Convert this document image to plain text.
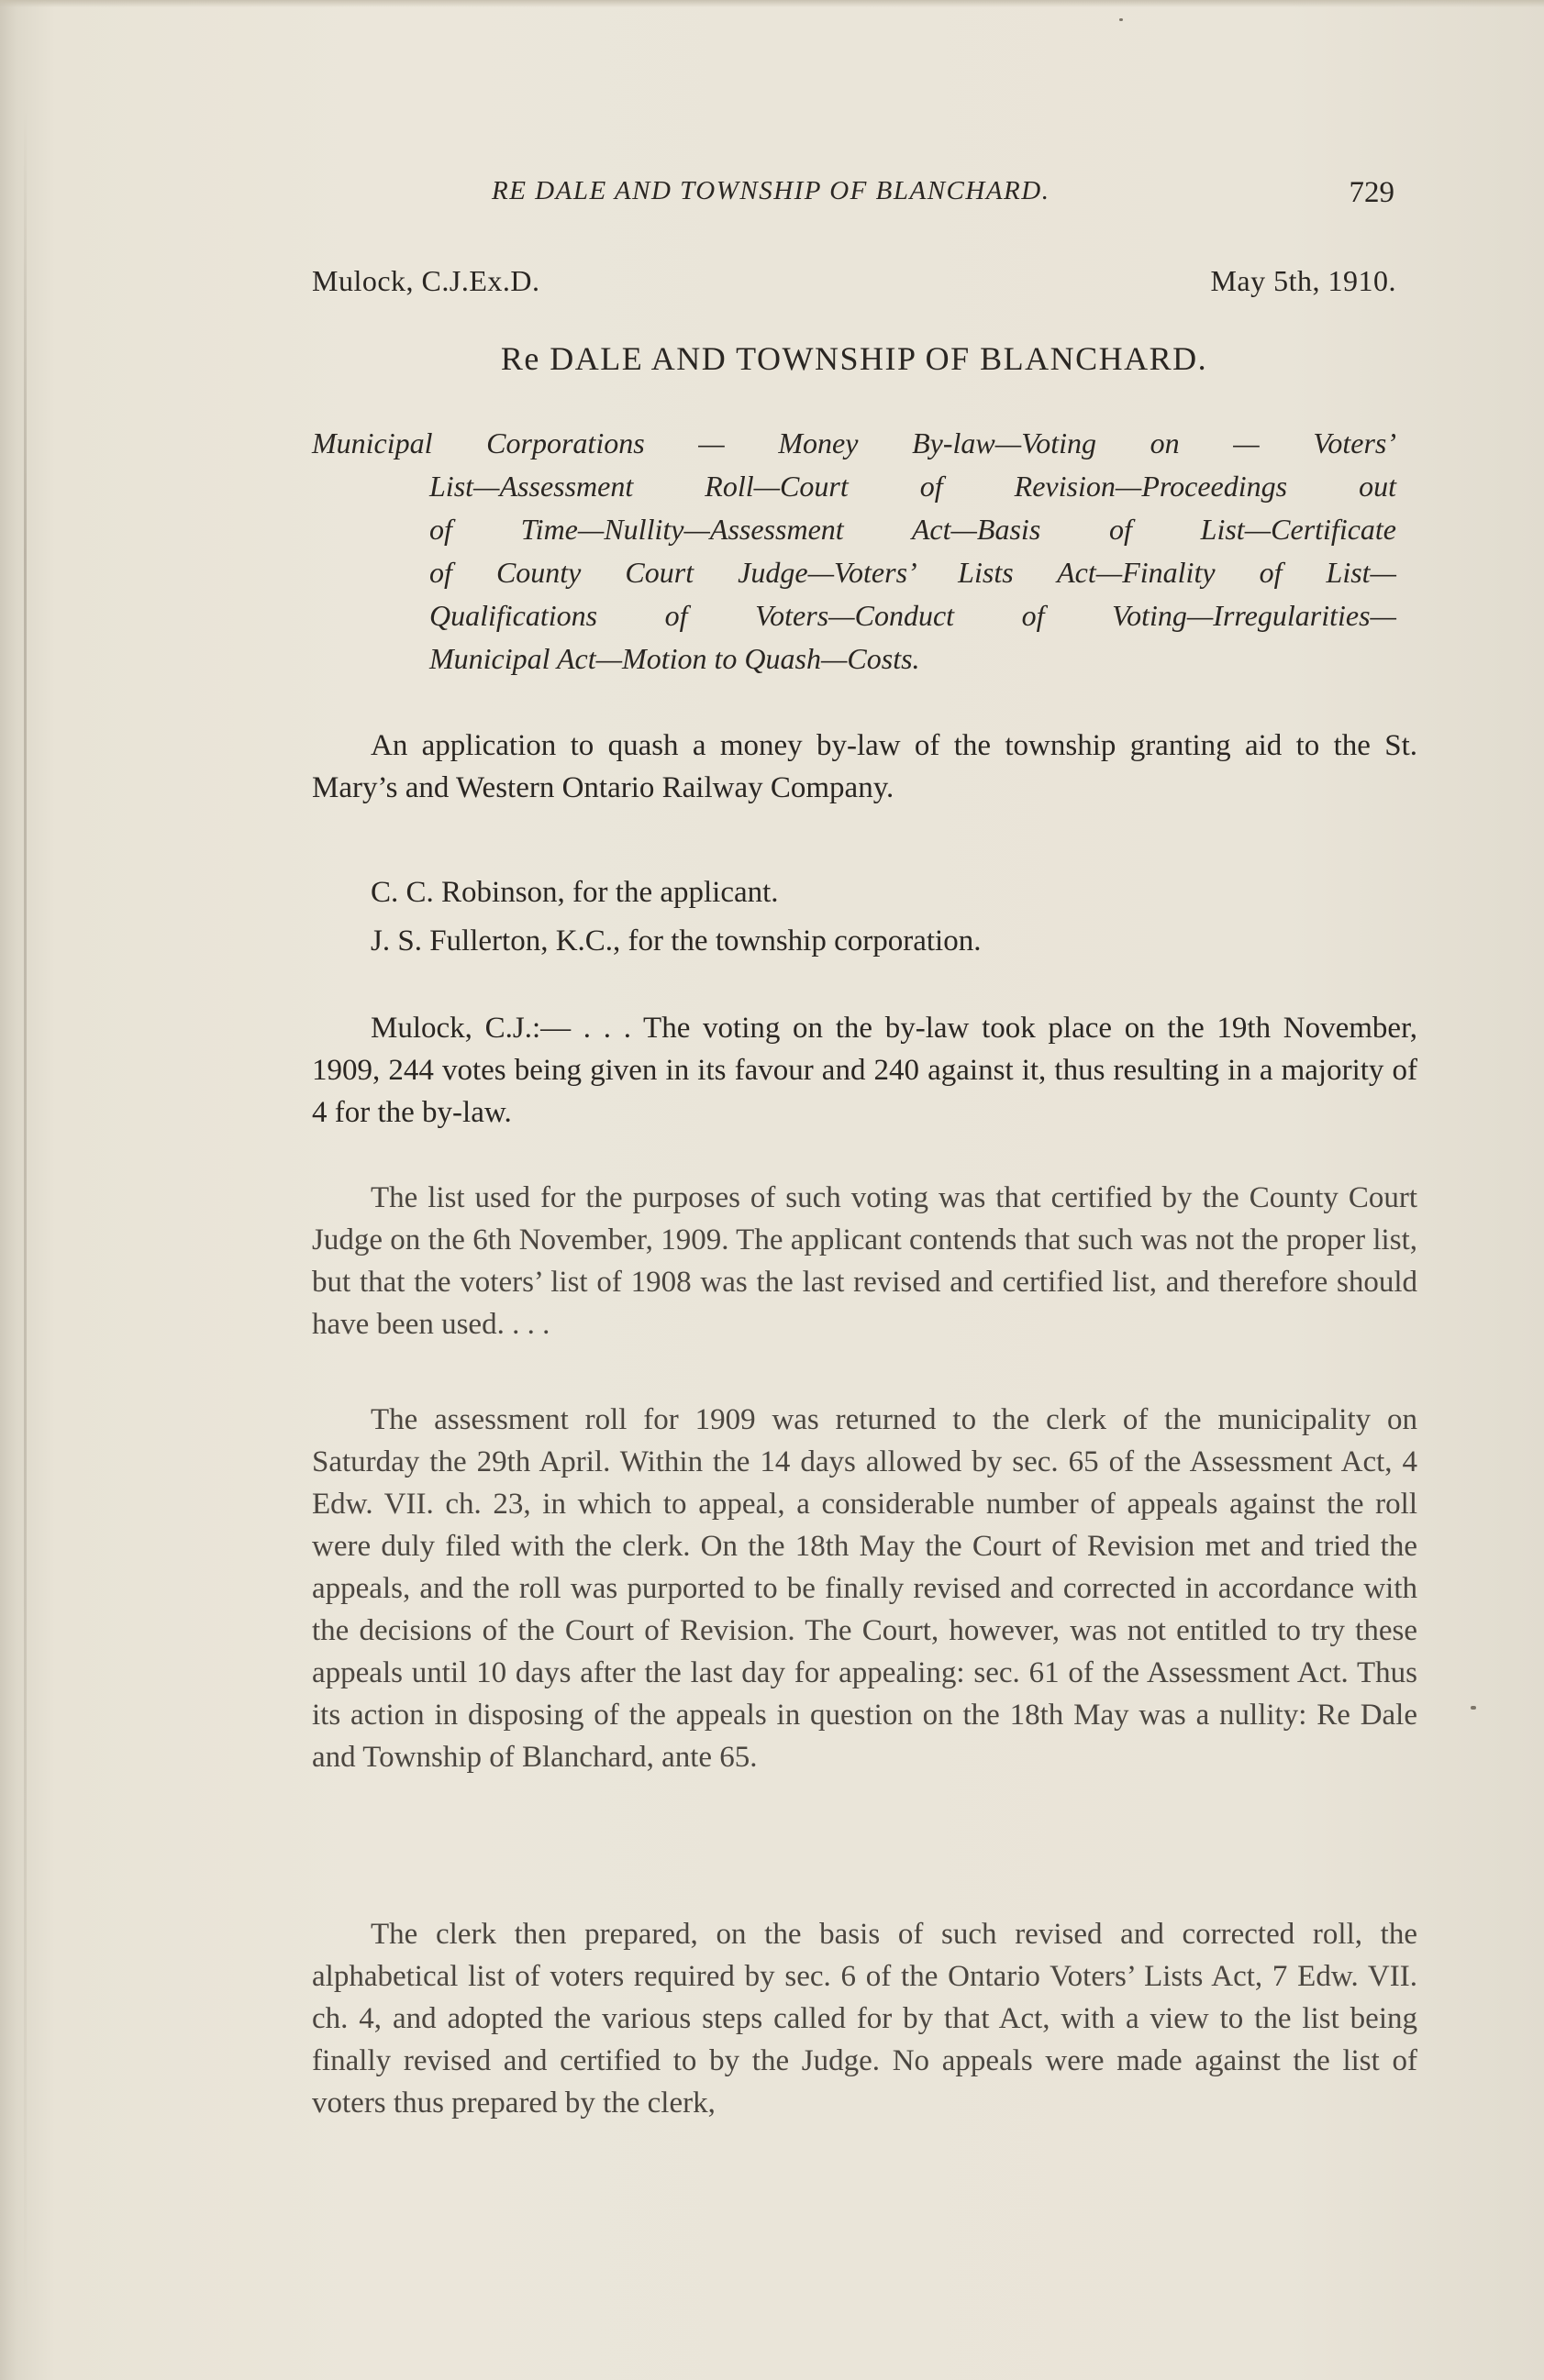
RE DALE AND TOWNSHIP OF BLANCHARD.	729
Mulock, C.J.Ex.D.	May 5th, 1910.
Re DALE AND TOWNSHIP OF BLANCHARD.
Municipal Corporations — Money By-law—Voting on — Voters’
List—Assessment Roll—Court of Revision—Proceedings out
of Time—Nullity—Assessment Act—Basis of List—Certificate
of County Court Judge—Voters’ Lists Act—Finality of List—
Qualifications of Voters—Conduct of Voting—Irregularities—
Municipal Act—Motion to Quash—Costs.

An application to quash a money by-law of the township granting aid to the St. Mary’s and Western Ontario Railway Company.

C. C. Robinson, for the applicant.

J. S. Fullerton, K.C., for the township corporation.

Mulock, C.J.:— . . . The voting on the by-law took place on the 19th November, 1909, 244 votes being given in its favour and 240 against it, thus resulting in a majority of 4 for the by-law.

The list used for the purposes of such voting was that certified by the County Court Judge on the 6th November, 1909. The applicant contends that such was not the proper list, but that the voters’ list of 1908 was the last revised and certified list, and therefore should have been used. . . .

The assessment roll for 1909 was returned to the clerk of the municipality on Saturday the 29th April. Within the 14 days allowed by sec. 65 of the Assessment Act, 4 Edw. VII. ch. 23, in which to appeal, a considerable number of appeals against the roll were duly filed with the clerk. On the 18th May the Court of Revision met and tried the appeals, and the roll was purported to be finally revised and corrected in accordance with the decisions of the Court of Revision. The Court, however, was not entitled to try these appeals until 10 days after the last day for appealing: sec. 61 of the Assessment Act. Thus its action in disposing of the appeals in question on the 18th May was a nullity: Re Dale and Township of Blanchard, ante 65.

The clerk then prepared, on the basis of such revised and corrected roll, the alphabetical list of voters required by sec. 6 of the Ontario Voters’ Lists Act, 7 Edw. VII. ch. 4, and adopted the various steps called for by that Act, with a view to the list being finally revised and certified to by the Judge. No appeals were made against the list of voters thus prepared by the clerk,
